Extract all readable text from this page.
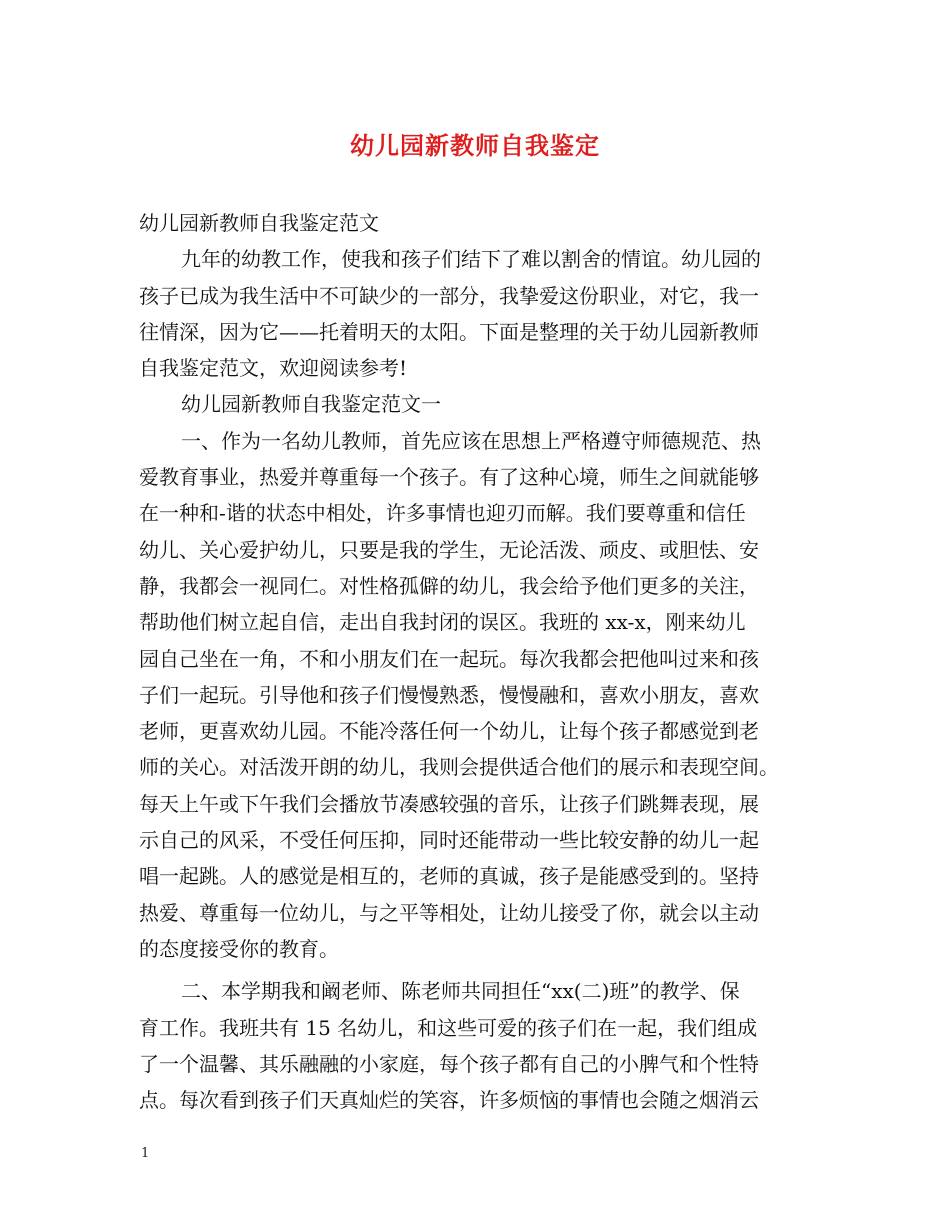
幼儿园新教师自我鉴定
幼儿园新教师自我鉴定范文
九年的幼教工作，使我和孩子们结下了难以割舍的情谊。幼儿园的
孩子已成为我生活中不可缺少的一部分，我挚爱这份职业，对它，我一
往情深，因为它——托着明天的太阳。下面是整理的关于幼儿园新教师
自我鉴定范文，欢迎阅读参考!
幼儿园新教师自我鉴定范文一
一、作为一名幼儿教师，首先应该在思想上严格遵守师德规范、热
爱教育事业，热爱并尊重每一个孩子。有了这种心境，师生之间就能够
在一种和-谐的状态中相处，许多事情也迎刃而解。我们要尊重和信任
幼儿、关心爱护幼儿，只要是我的学生，无论活泼、顽皮、或胆怯、安
静，我都会一视同仁。对性格孤僻的幼儿，我会给予他们更多的关注，
帮助他们树立起自信，走出自我封闭的误区。我班的 xx-x，刚来幼儿
园自己坐在一角，不和小朋友们在一起玩。每次我都会把他叫过来和孩
子们一起玩。引导他和孩子们慢慢熟悉，慢慢融和，喜欢小朋友，喜欢
老师，更喜欢幼儿园。不能冷落任何一个幼儿，让每个孩子都感觉到老
师的关心。对活泼开朗的幼儿，我则会提供适合他们的展示和表现空间。
每天上午或下午我们会播放节凑感较强的音乐，让孩子们跳舞表现，展
示自己的风采，不受任何压抑，同时还能带动一些比较安静的幼儿一起
唱一起跳。人的感觉是相互的，老师的真诚，孩子是能感受到的。坚持
热爱、尊重每一位幼儿，与之平等相处，让幼儿接受了你，就会以主动
的态度接受你的教育。
二、本学期我和阚老师、陈老师共同担任“xx(二)班”的教学、保
育工作。我班共有 15 名幼儿，和这些可爱的孩子们在一起，我们组成
了一个温馨、其乐融融的小家庭，每个孩子都有自己的小脾气和个性特
点。每次看到孩子们天真灿烂的笑容，许多烦恼的事情也会随之烟消云
1
